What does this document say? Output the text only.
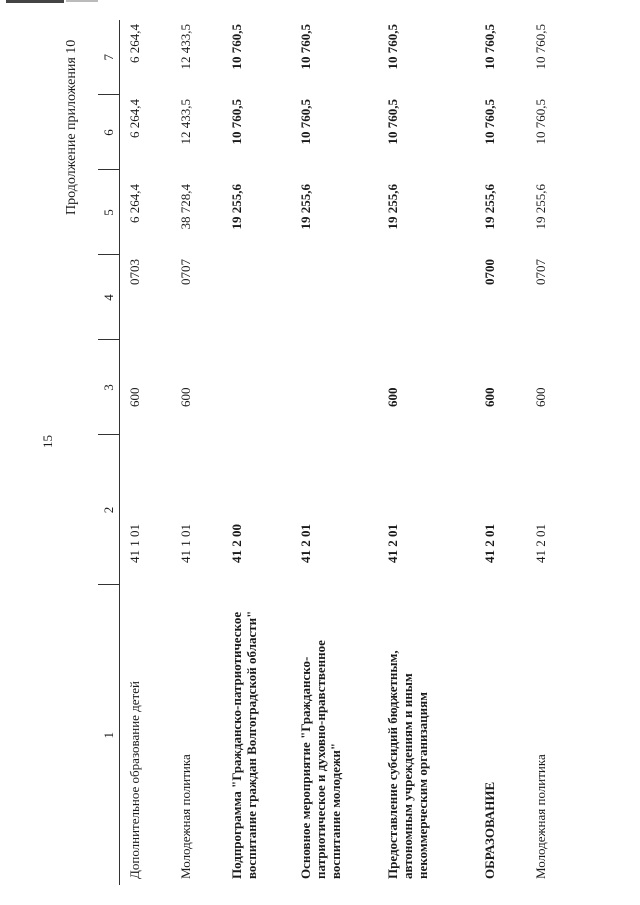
15
Продолжение приложения 10
1	2	3	4	5	6	7
Дополнительное образование детей	41 1 01	600	0703	6 264,4	6 264,4	6 264,4
Молодежная политика	41 1 01	600	0707	38 728,4	12 433,5	12 433,5
Подпрограмма "Гражданско-патриотическое воспитание граждан Волгоградской области"	41 2 00			19 255,6	10 760,5	10 760,5
Основное мероприятие "Гражданско-патриотическое и духовно-нравственное воспитание молодежи"	41 2 01			19 255,6	10 760,5	10 760,5
Предоставление субсидий бюджетным, автономным учреждениям и иным некоммерческим организациям	41 2 01	600		19 255,6	10 760,5	10 760,5
ОБРАЗОВАНИЕ	41 2 01	600	0700	19 255,6	10 760,5	10 760,5
Молодежная политика	41 2 01	600	0707	19 255,6	10 760,5	10 760,5
